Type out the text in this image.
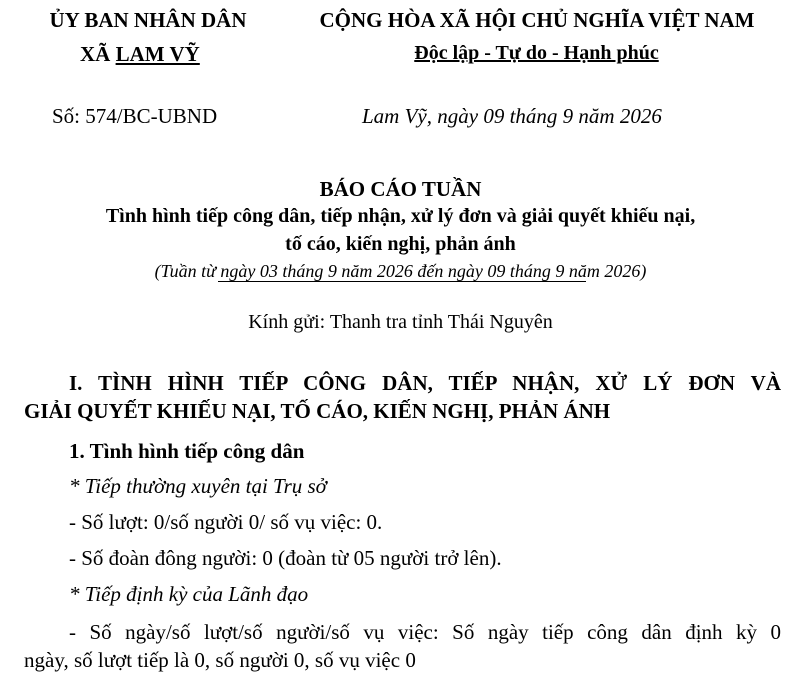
ỦY BAN NHÂN DÂN
XÃ LAM VỸ
CỘNG HÒA XÃ HỘI CHỦ NGHĨA VIỆT NAM
Độc lập - Tự do - Hạnh phúc
Số: 574/BC-UBND	Lam Vỹ, ngày 09 tháng 9 năm 2026
BÁO CÁO TUẦN
Tình hình tiếp công dân, tiếp nhận, xử lý đơn và giải quyết khiếu nại,
tố cáo, kiến nghị, phản ánh
(Tuần từ ngày 03 tháng 9 năm 2026 đến ngày 09 tháng 9 năm 2026)
Kính gửi: Thanh tra tỉnh Thái Nguyên
I. TÌNH HÌNH TIẾP CÔNG DÂN, TIẾP NHẬN, XỬ LÝ ĐƠN VÀ
GIẢI QUYẾT KHIẾU NẠI, TỐ CÁO, KIẾN NGHỊ, PHẢN ÁNH
1. Tình hình tiếp công dân
* Tiếp thường xuyên tại Trụ sở
- Số lượt: 0/số người 0/ số vụ việc: 0.
- Số đoàn đông người: 0 (đoàn từ 05 người trở lên).
* Tiếp định kỳ của Lãnh đạo
- Số ngày/số lượt/số người/số vụ việc: Số ngày tiếp công dân định kỳ 0
ngày, số lượt tiếp là 0, số người 0, số vụ việc 0
